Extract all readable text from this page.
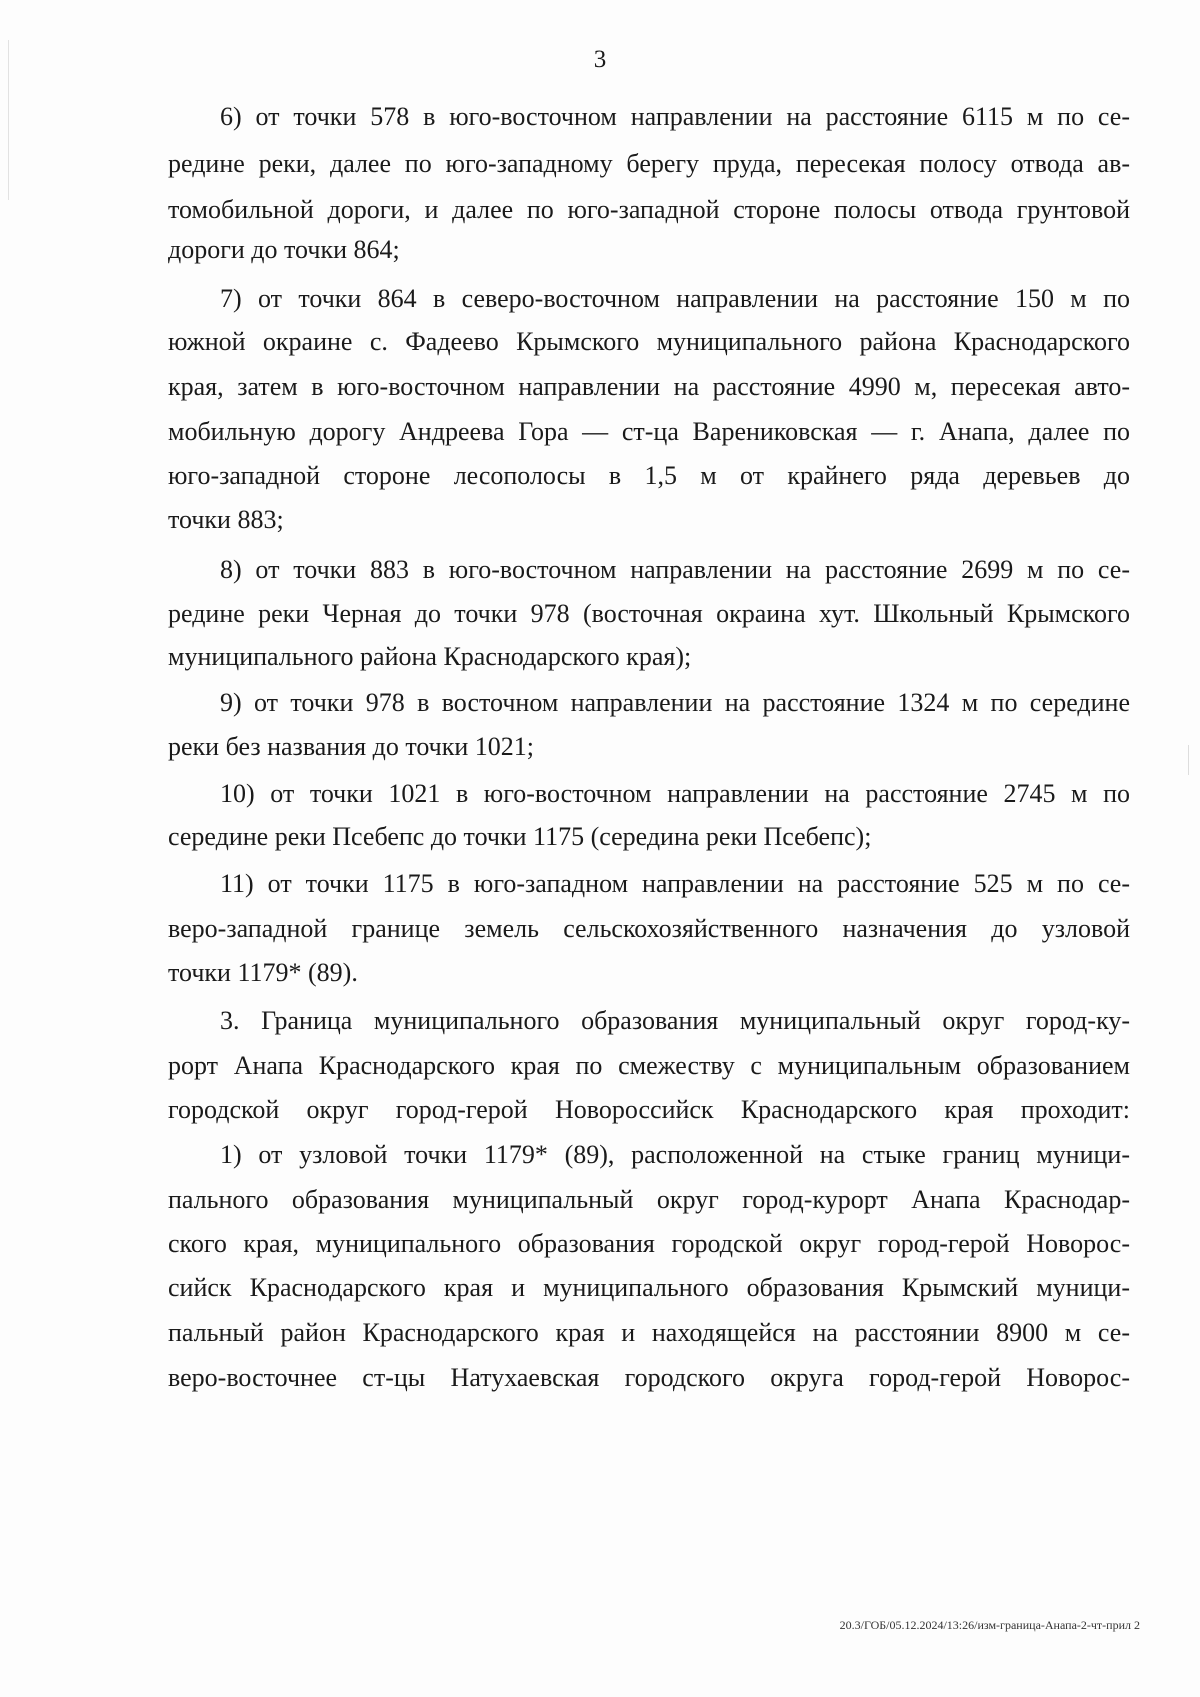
3
6) от точки 578 в юго-восточном направлении на расстояние 6115 м по се-
редине реки, далее по юго-западному берегу пруда, пересекая полосу отвода ав-
томобильной дороги, и далее по юго-западной стороне полосы отвода грунтовой
дороги до точки 864;
7) от точки 864 в северо-восточном направлении на расстояние 150 м по
южной окраине с. Фадеево Крымского муниципального района Краснодарского
края, затем в юго-восточном направлении на расстояние 4990 м, пересекая авто-
мобильную дорогу Андреева Гора — ст-ца Варениковская — г. Анапа, далее по
юго-западной стороне лесополосы в 1,5 м от крайнего ряда деревьев до
точки 883;
8) от точки 883 в юго-восточном направлении на расстояние 2699 м по се-
редине реки Черная до точки 978 (восточная окраина хут. Школьный Крымского
муниципального района Краснодарского края);
9) от точки 978 в восточном направлении на расстояние 1324 м по середине
реки без названия до точки 1021;
10) от точки 1021 в юго-восточном направлении на расстояние 2745 м по
середине реки Псебепс до точки 1175 (середина реки Псебепс);
11) от точки 1175 в юго-западном направлении на расстояние 525 м по се-
веро-западной границе земель сельскохозяйственного назначения до узловой
точки 1179* (89).
3. Граница муниципального образования муниципальный округ город-ку-
рорт Анапа Краснодарского края по смежеству с муниципальным образованием
городской округ город-герой Новороссийск Краснодарского края проходит:
1) от узловой точки 1179* (89), расположенной на стыке границ муници-
пального образования муниципальный округ город-курорт Анапа Краснодар-
ского края, муниципального образования городской округ город-герой Новорос-
сийск Краснодарского края и муниципального образования Крымский муници-
пальный район Краснодарского края и находящейся на расстоянии 8900 м се-
веро-восточнее ст-цы Натухаевская городского округа город-герой Новорос-
20.3/ГОБ/05.12.2024/13:26/изм-граница-Анапа-2-чт-прил 2
